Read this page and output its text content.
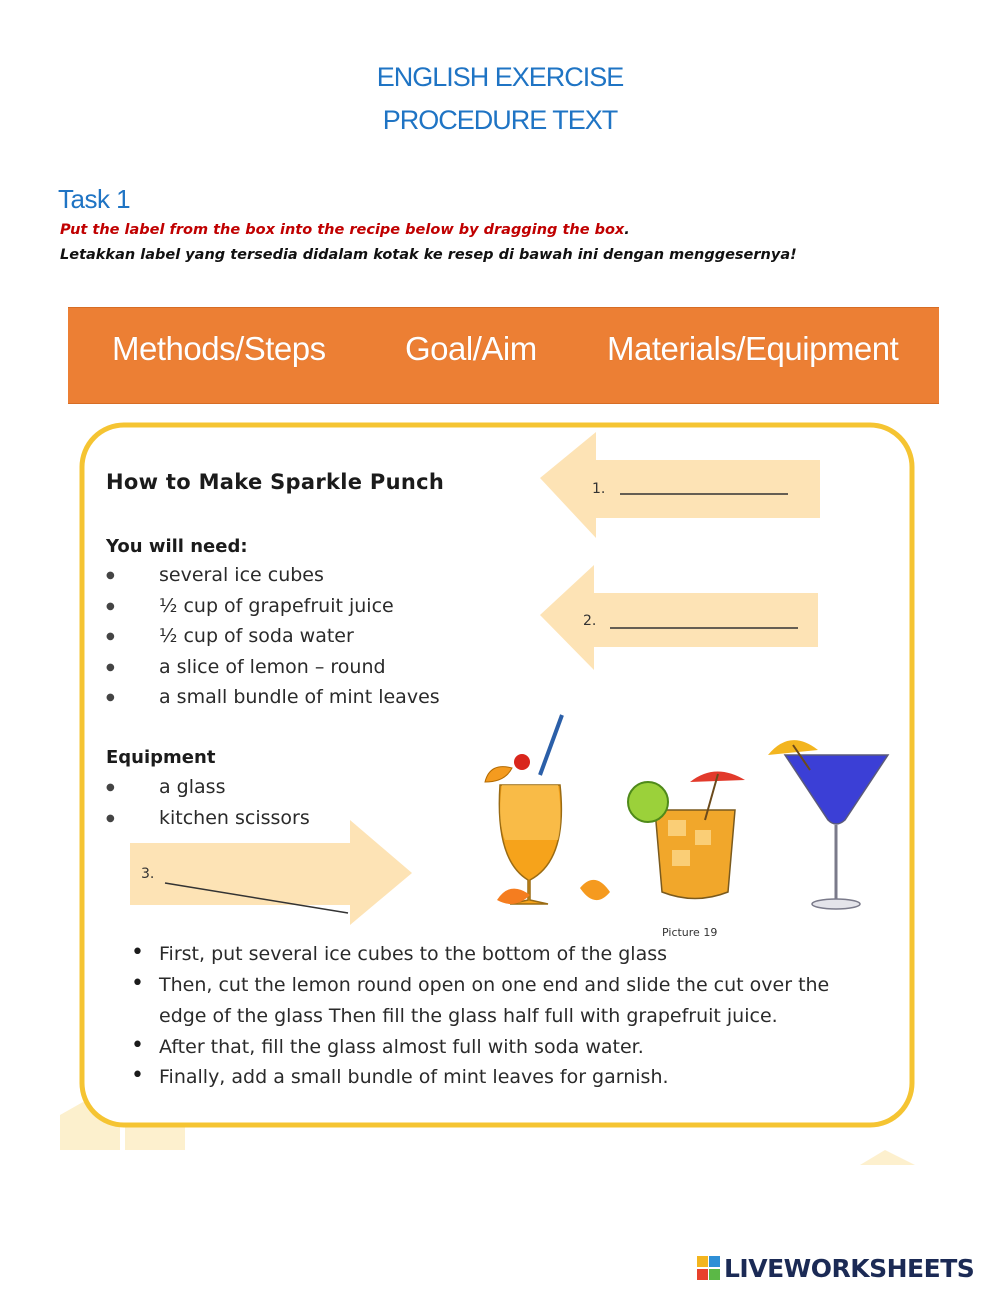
ENGLISH EXERCISE
PROCEDURE TEXT
Task 1
Put the label from the box into the recipe below by dragging the box.
Letakkan label yang tersedia didalam kotak ke resep di bawah ini dengan menggesernya!
Methods/Steps Goal/Aim Materials/Equipment
How to Make Sparkle Punch	1.
2.
3.
You will need:
● several ice cubes
● ½ cup of grapefruit juice
● ½ cup of soda water
● a slice of lemon – round
● a small bundle of mint leaves
Equipment
● a glass
● kitchen scissors
Picture 19
• First, put several ice cubes to the bottom of the glass
• Then, cut the lemon round open on one end and slide the cut over the
edge of the glass Then fill the glass half full with grapefruit juice.
• After that, fill the glass almost full with soda water.
• Finally, add a small bundle of mint leaves for garnish.
LIVEWORKSHEETS
